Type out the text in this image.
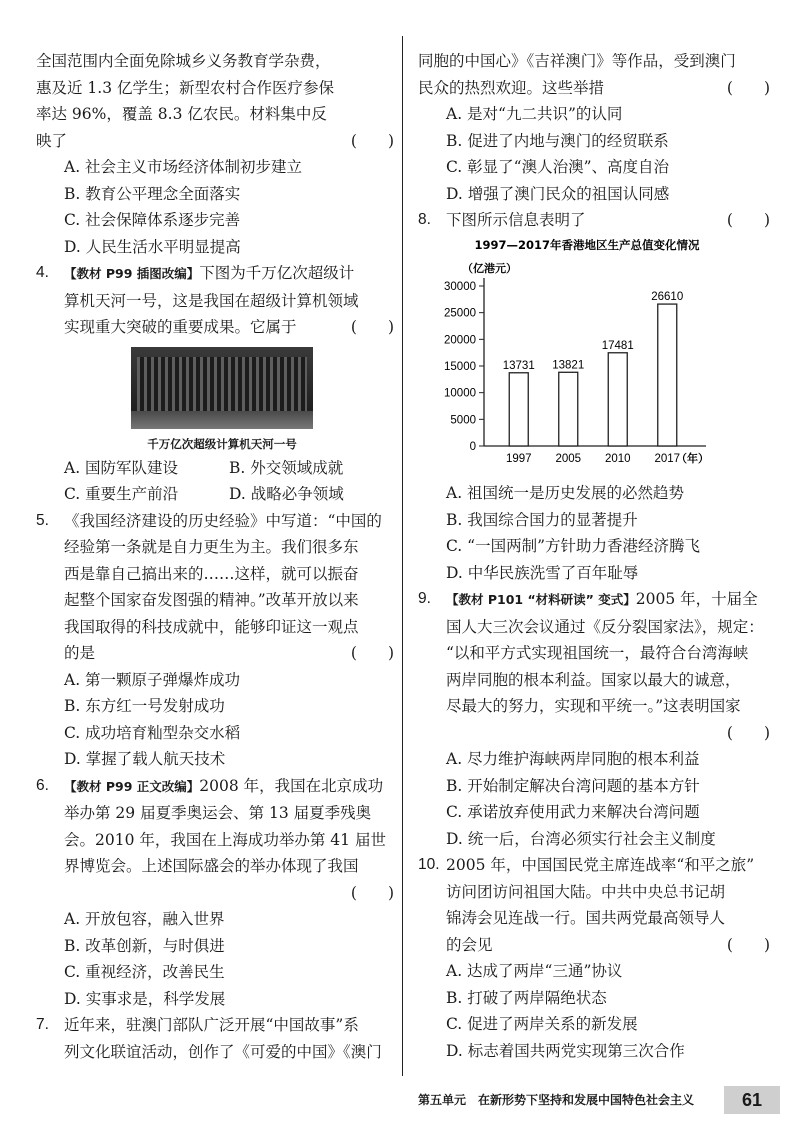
全国范围内全面免除城乡义务教育学杂费，

惠及近 1.3 亿学生；新型农村合作医疗参保

率达 96%，覆盖 8.3 亿农民。材料集中反

映了	(　　)

A. 社会主义市场经济体制初步建立

B. 教育公平理念全面落实

C. 社会保障体系逐步完善

D. 人民生活水平明显提高

4. 【教材 P99 插图改编】下图为千万亿次超级计

算机天河一号，这是我国在超级计算机领域

实现重大突破的重要成果。它属于	(　　)

千万亿次超级计算机天河一号
A. 国防军队建设	B. 外交领域成就
C. 重要生产前沿	D. 战略必争领域
5. 《我国经济建设的历史经验》中写道：“中国的

经验第一条就是自力更生为主。我们很多东

西是靠自己搞出来的……这样，就可以振奋

起整个国家奋发图强的精神。”改革开放以来

我国取得的科技成就中，能够印证这一观点

的是	(　　)

A. 第一颗原子弹爆炸成功

B. 东方红一号发射成功

C. 成功培育籼型杂交水稻

D. 掌握了载人航天技术

6. 【教材 P99 正文改编】2008 年，我国在北京成功

举办第 29 届夏季奥运会、第 13 届夏季残奥

会。2010 年，我国在上海成功举办第 41 届世

界博览会。上述国际盛会的举办体现了我国

(　　)

A. 开放包容，融入世界

B. 改革创新，与时俱进

C. 重视经济，改善民生

D. 实事求是，科学发展

7. 近年来，驻澳门部队广泛开展“中国故事”系

列文化联谊活动，创作了《可爱的中国》《澳门

同胞的中国心》《吉祥澳门》等作品，受到澳门

民众的热烈欢迎。这些举措	(　　)

A. 是对“九二共识”的认同

B. 促进了内地与澳门的经贸联系

C. 彰显了“澳人治澳”、高度自治

D. 增强了澳门民众的祖国认同感

8. 下图所示信息表明了	(　　)

1997—2017年香港地区生产总值变化情况
（亿港元）
（年）
0
5000
10000
15000
20000
25000
30000
13731
1997
13821
2005
17481
2010
26610
2017

A. 祖国统一是历史发展的必然趋势

B. 我国综合国力的显著提升

C. “一国两制”方针助力香港经济腾飞

D. 中华民族洗雪了百年耻辱

9. 【教材 P101 “材料研读” 变式】2005 年，十届全

国人大三次会议通过《反分裂国家法》，规定：

“以和平方式实现祖国统一，最符合台湾海峡

两岸同胞的根本利益。国家以最大的诚意，

尽最大的努力，实现和平统一。”这表明国家

(　　)

A. 尽力维护海峡两岸同胞的根本利益

B. 开始制定解决台湾问题的基本方针

C. 承诺放弃使用武力来解决台湾问题

D. 统一后，台湾必须实行社会主义制度

10. 2005 年，中国国民党主席连战率“和平之旅”

访问团访问祖国大陆。中共中央总书记胡

锦涛会见连战一行。国共两党最高领导人

的会见	(　　)

A. 达成了两岸“三通”协议

B. 打破了两岸隔绝状态

C. 促进了两岸关系的新发展

D. 标志着国共两党实现第三次合作

第五单元　在新形势下坚持和发展中国特色社会主义	61
